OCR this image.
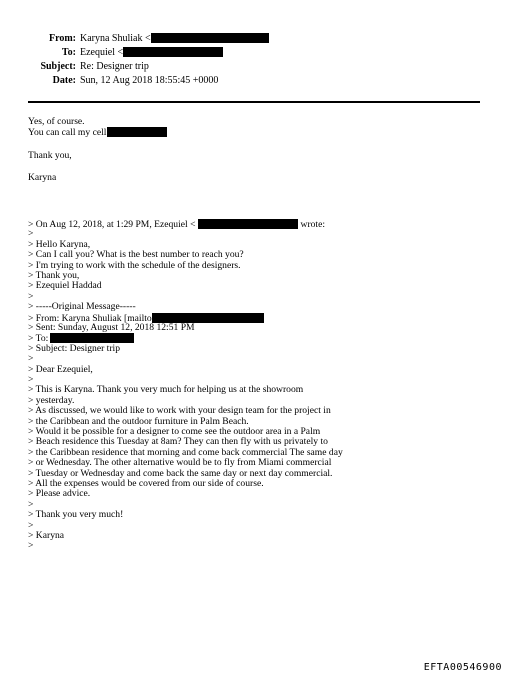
From: Karyna Shuliak <
To: Ezequiel <
Subject: Re: Designer trip
Date: Sun, 12 Aug 2018 18:55:45 +0000
Yes, of course.
You can call my cell
Thank you,
Karyna
> On Aug 12, 2018, at 1:29 PM, Ezequiel <	wrote:
>
> Hello Karyna,
> Can I call you? What is the best number to reach you?
> I'm trying to work with the schedule of the designers.
> Thank you,
> Ezequiel Haddad
>
> -----Original Message-----
> From: Karyna Shuliak [mailto
> Sent: Sunday, August 12, 2018 12:51 PM
> To:
> Subject: Designer trip
>
> Dear Ezequiel,
>
> This is Karyna. Thank you very much for helping us at the showroom
> yesterday.
> As discussed, we would like to work with your design team for the project in
> the Caribbean and the outdoor furniture in Palm Beach.
> Would it be possible for a designer to come see the outdoor area in a Palm
> Beach residence this Tuesday at 8am? They can then fly with us privately to
> the Caribbean residence that morning and come back commercial The same day
> or Wednesday. The other alternative would be to fly from Miami commercial
> Tuesday or Wednesday and come back the same day or next day commercial.
> All the expenses would be covered from our side of course.
> Please advice.
>
> Thank you very much!
>
> Karyna
>
EFTA00546900
